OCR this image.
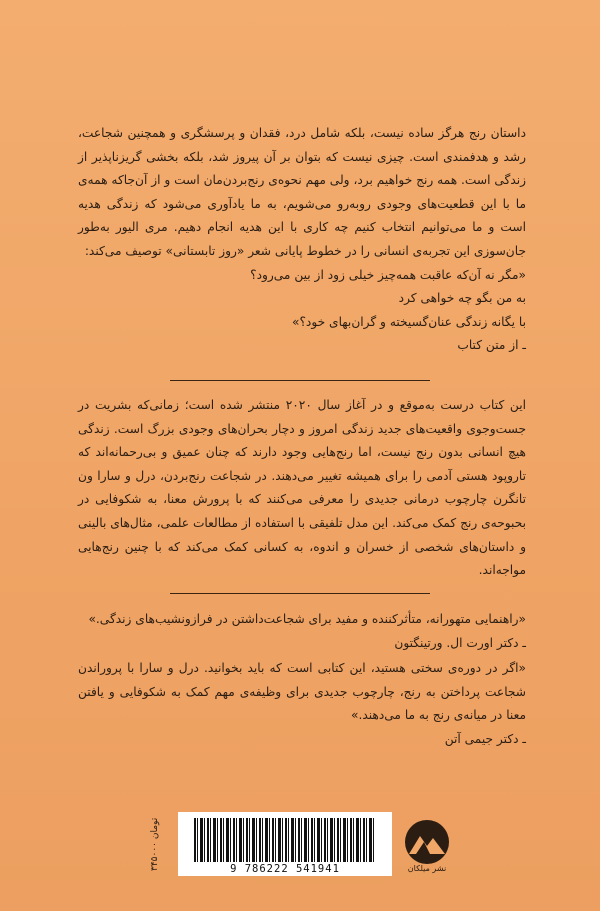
داستان رنج هرگز ساده نیست، بلکه شامل درد، فقدان و پرسشگری و همچنین شجاعت، رشد و هدفمندی است. چیزی نیست که بتوان بر آن پیروز شد، بلکه بخشی گریزناپذیر از زندگی است. همه رنج خواهیم برد، ولی مهم نحوه‌ی رنج‌بردن‌مان است و از آن‌جاکه همه‌ی ما با این قطعیت‌های وجودی روبه‌رو می‌شویم، به ما یادآوری می‌شود که زندگی هدیه است و ما می‌توانیم انتخاب کنیم چه کاری با این هدیه انجام دهیم. مری الیور به‌طور جان‌سوزی این تجربه‌ی انسانی را در خطوط پایانی شعر «روز تابستانی» توصیف می‌کند:

«مگر نه آن‌که عاقبت همه‌چیز خیلی زود از بین می‌رود؟

به من بگو چه خواهی کرد

با یگانه زندگی عنان‌گسیخته و گران‌بهای خود؟»

ـ از متن کتاب

این کتاب درست به‌موقع و در آغاز سال ۲۰۲۰ منتشر شده است؛ زمانی‌که بشریت در جست‌وجوی واقعیت‌های جدید زندگی امروز و دچار بحران‌های وجودی بزرگ است. زندگی هیچ انسانی بدون رنج نیست، اما رنج‌هایی وجود دارند که چنان عمیق و بی‌رحمانه‌اند که تاروپود هستی آدمی را برای همیشه تغییر می‌دهند. در شجاعت رنج‌بردن، درل و سارا ون تانگرن چارچوب درمانی جدیدی را معرفی می‌کنند که با پرورش معنا، به شکوفایی در بحبوحه‌ی رنج کمک می‌کند. این مدل تلفیقی با استفاده از مطالعات علمی، مثال‌های بالینی و داستان‌های شخصی از خسران و اندوه، به کسانی کمک می‌کند که با چنین رنج‌هایی مواجه‌اند.

«راهنمایی متهورانه، متأثرکننده و مفید برای شجاعت‌داشتن در فرازونشیب‌های زندگی.»

ـ دکتر اورت ال. ورتینگتون

«اگر در دوره‌ی سختی هستید، این کتابی است که باید بخوانید. درل و سارا با پروراندن شجاعت پرداختن به رنج، چارچوب جدیدی برای وظیفه‌ی مهم کمک به شکوفایی و یافتن معنا در میانه‌ی رنج به ما می‌دهند.»

ـ دکتر جیمی آتن

۳۴۵۰۰۰ تومان
9 786222 541941	نشر میلکان
